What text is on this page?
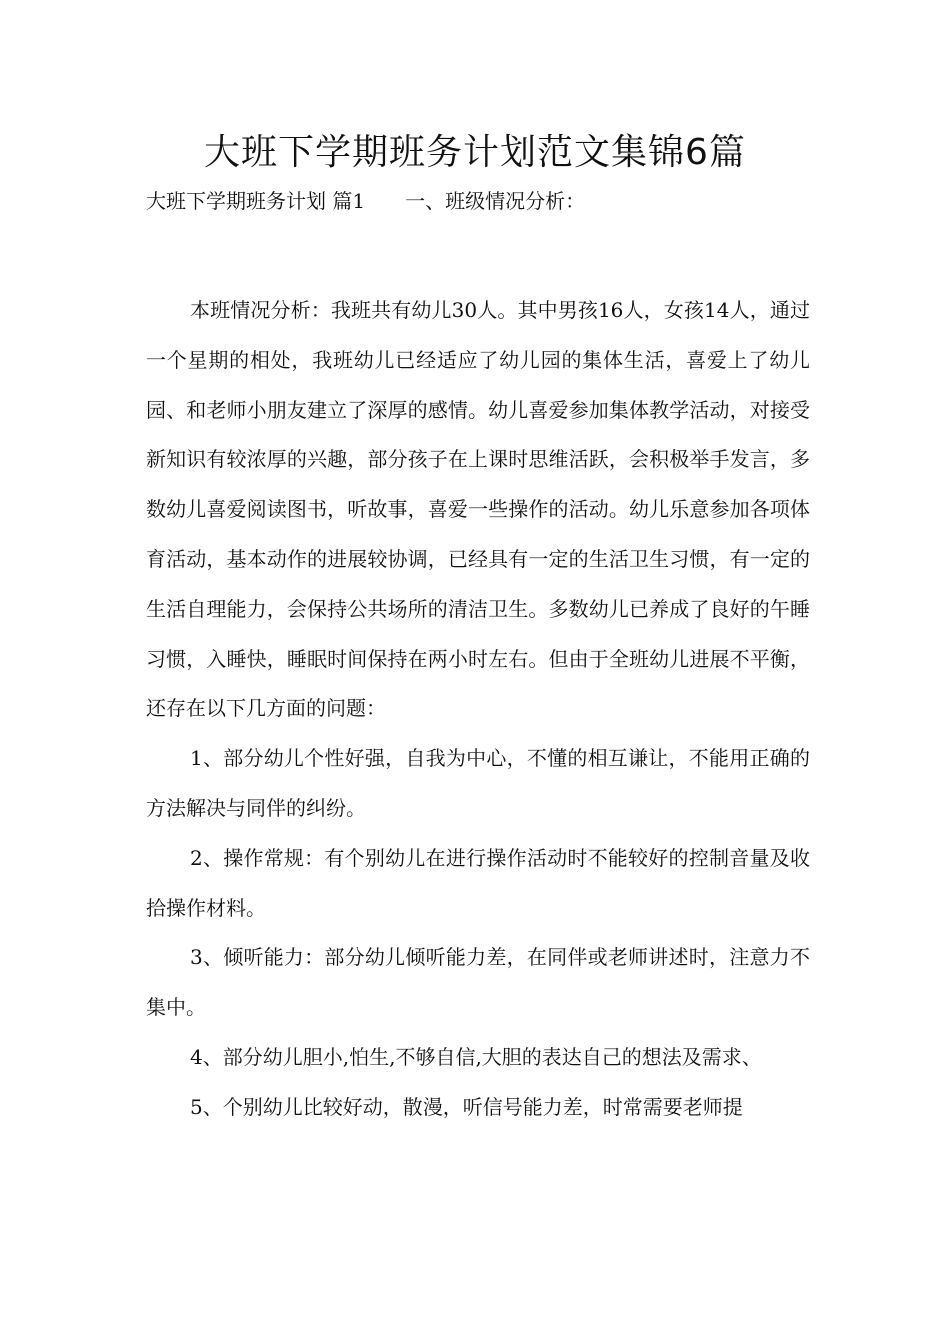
大班下学期班务计划范文集锦6篇
大班下学期班务计划 篇1 一、班级情况分析：

本班情况分析：我班共有幼儿30人。其中男孩16人，女孩14人，通过一个星期的相处，我班幼儿已经适应了幼儿园的集体生活，喜爱上了幼儿园、和老师小朋友建立了深厚的感情。幼儿喜爱参加集体教学活动，对接受新知识有较浓厚的兴趣，部分孩子在上课时思维活跃，会积极举手发言，多数幼儿喜爱阅读图书，听故事，喜爱一些操作的活动。幼儿乐意参加各项体育活动，基本动作的进展较协调，已经具有一定的生活卫生习惯，有一定的生活自理能力，会保持公共场所的清洁卫生。多数幼儿已养成了良好的午睡习惯，入睡快，睡眠时间保持在两小时左右。但由于全班幼儿进展不平衡，还存在以下几方面的问题：

1、部分幼儿个性好强，自我为中心，不懂的相互谦让，不能用正确的方法解决与同伴的纠纷。

2、操作常规：有个别幼儿在进行操作活动时不能较好的控制音量及收拾操作材料。

3、倾听能力：部分幼儿倾听能力差，在同伴或老师讲述时，注意力不集中。

4、部分幼儿胆小,怕生,不够自信,大胆的表达自己的想法及需求、

5、个别幼儿比较好动，散漫，听信号能力差，时常需要老师提
